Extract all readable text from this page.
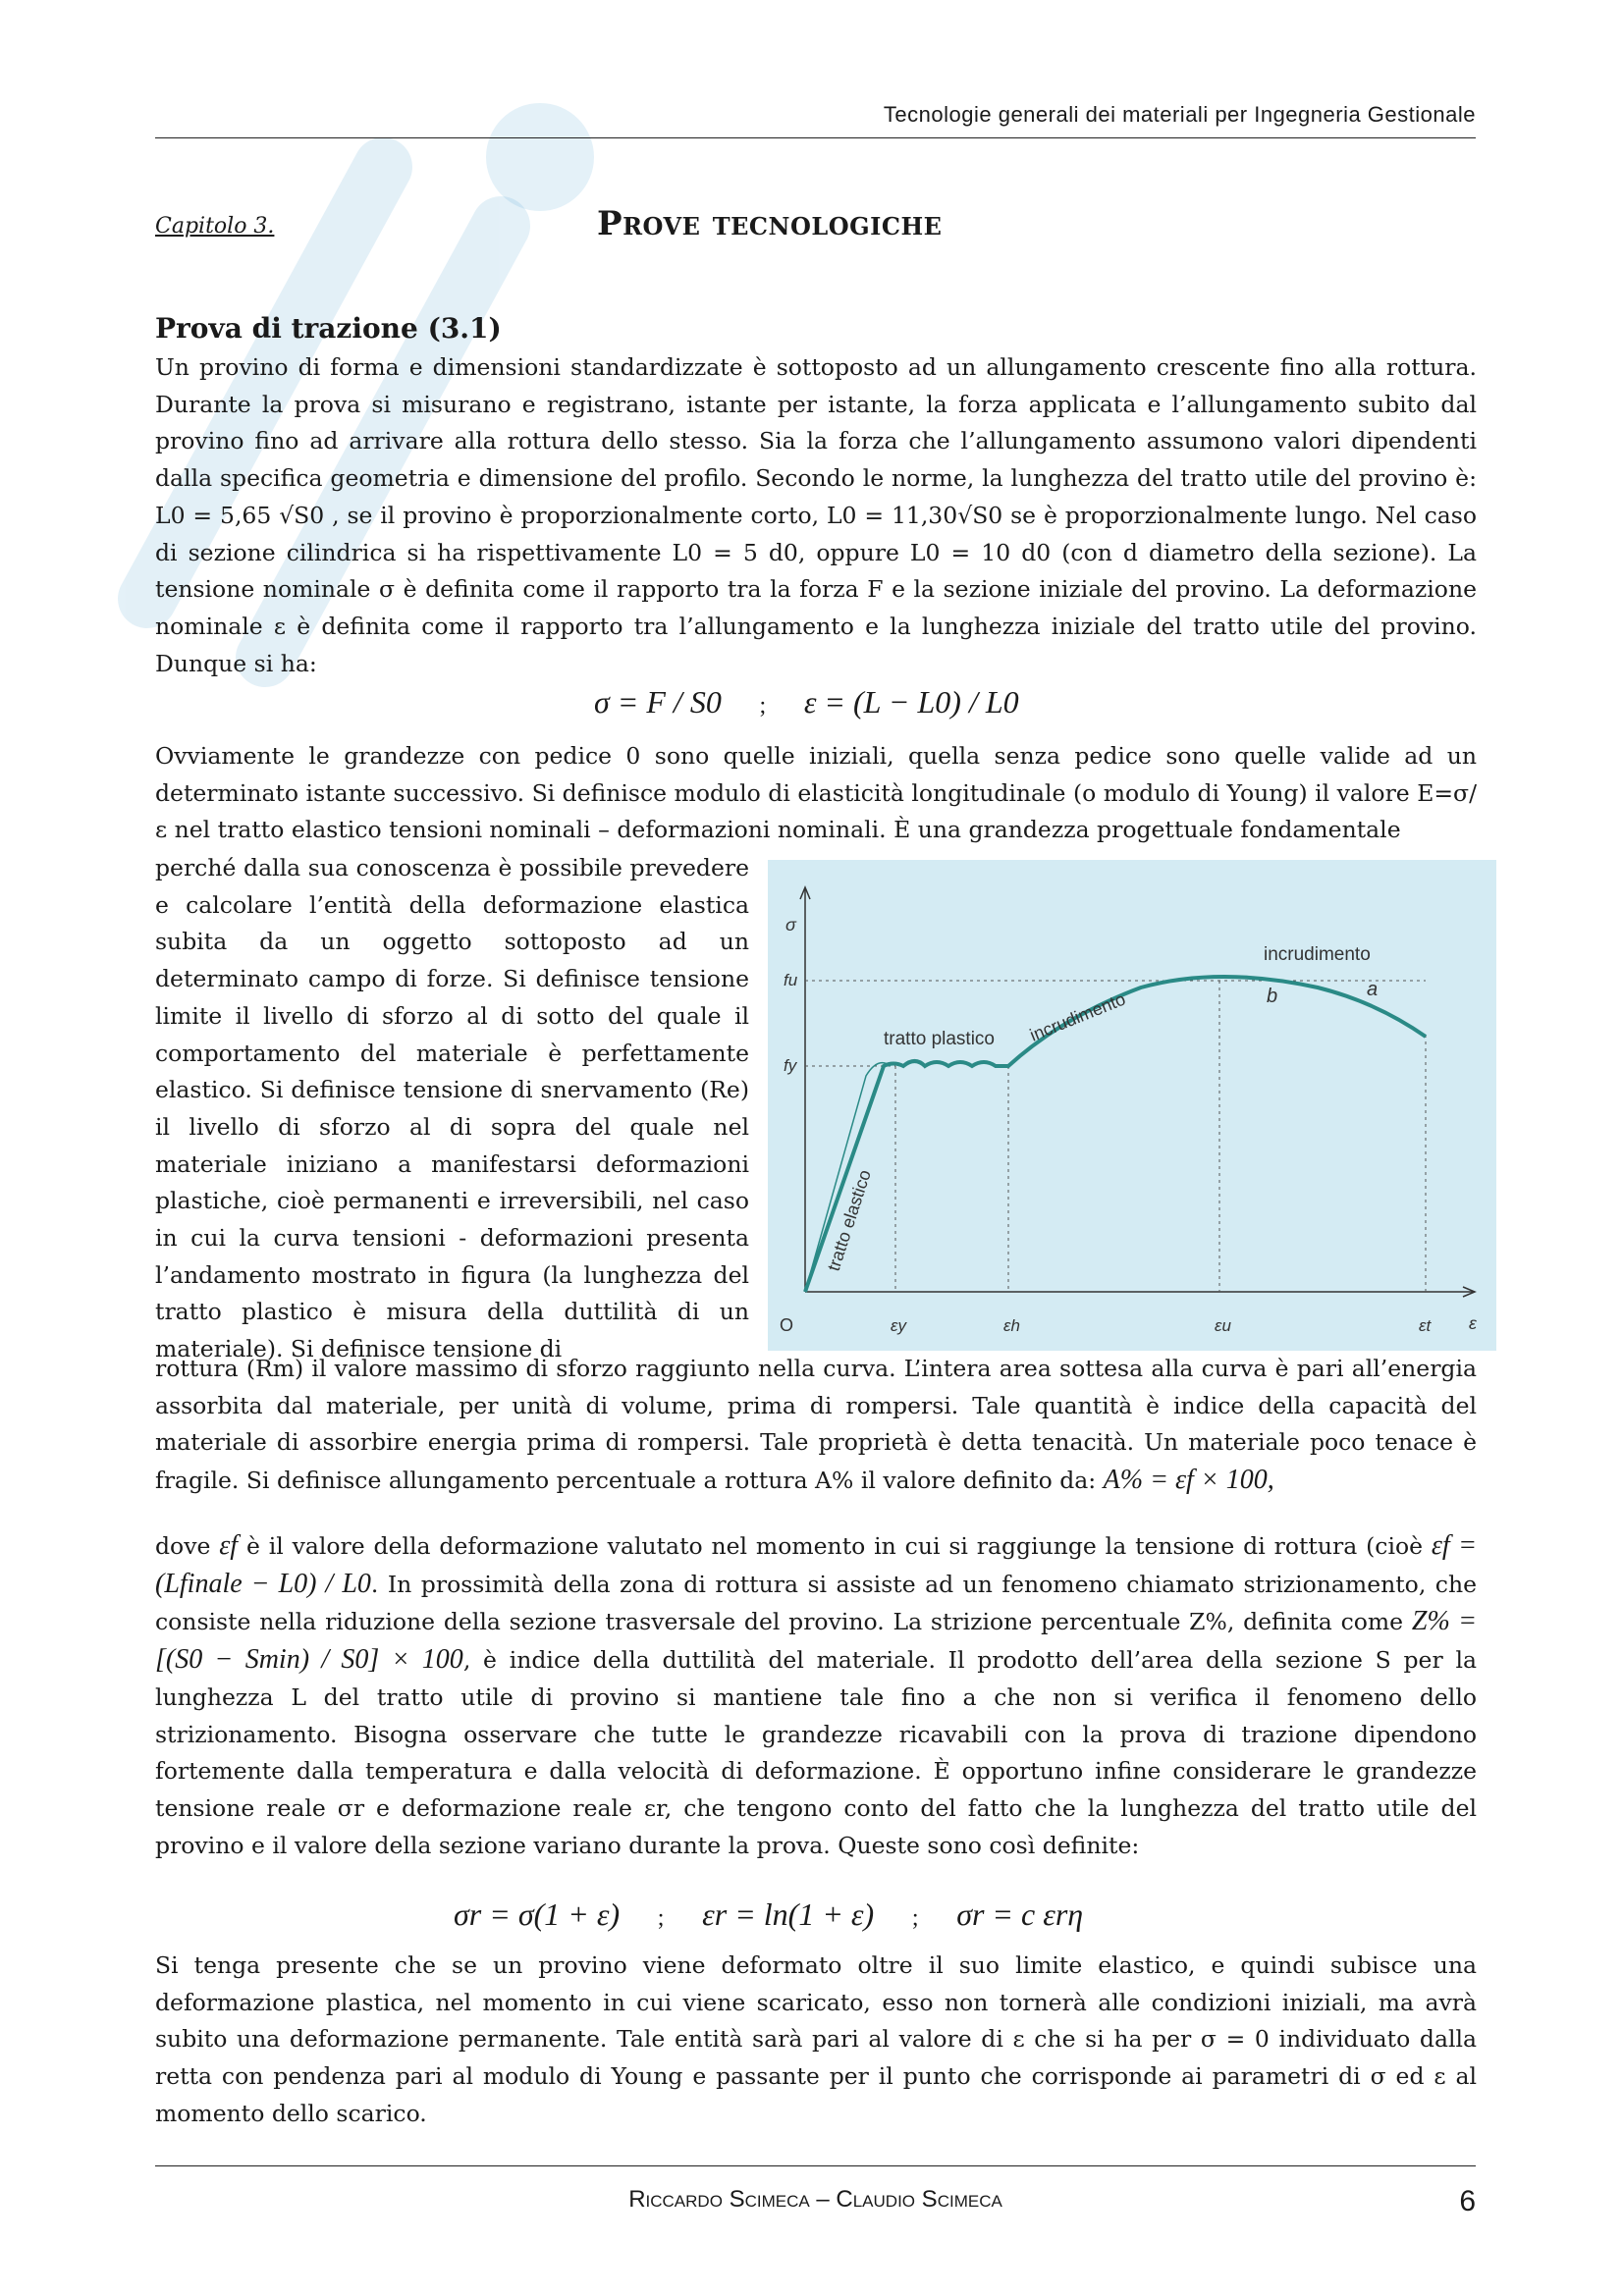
Tecnologie generali dei materiali per Ingegneria Gestionale
Capitolo 3.	Prove tecnologiche
Prova di trazione (3.1)
Un provino di forma e dimensioni standardizzate è sottoposto ad un allungamento crescente fino alla rottura. Durante la prova si misurano e registrano, istante per istante, la forza applicata e l’allungamento subito dal provino fino ad arrivare alla rottura dello stesso. Sia la forza che l’allungamento assumono valori dipendenti dalla specifica geometria e dimensione del profilo. Secondo le norme, la lunghezza del tratto utile del provino è: L0 = 5,65 √S0 , se il provino è proporzionalmente corto, L0 = 11,30√S0 se è proporzionalmente lungo. Nel caso di sezione cilindrica si ha rispettivamente L0 = 5 d0, oppure L0 = 10 d0 (con d diametro della sezione). La tensione nominale σ è definita come il rapporto tra la forza F e la sezione iniziale del provino. La deformazione nominale ε è definita come il rapporto tra l’allungamento e la lunghezza iniziale del tratto utile del provino. Dunque si ha:
σ = F / S0 ; ε = (L − L0) / L0
Ovviamente le grandezze con pedice 0 sono quelle iniziali, quella senza pedice sono quelle valide ad un determinato istante successivo. Si definisce modulo di elasticità longitudinale (o modulo di Young) il valore E=σ/ε nel tratto elastico tensioni nominali – deformazioni nominali. È una grandezza progettuale fondamentale
perché dalla sua conoscenza è possibile prevedere e calcolare l’entità della deformazione elastica subita da un oggetto sottoposto ad un determinato campo di forze. Si definisce tensione limite il livello di sforzo al di sotto del quale il comportamento del materiale è perfettamente elastico. Si definisce tensione di snervamento (Re) il livello di sforzo al di sopra del quale nel materiale iniziano a manifestarsi deformazioni plastiche, cioè permanenti e irreversibili, nel caso in cui la curva tensioni - deformazioni presenta l’andamento mostrato in figura (la lunghezza del tratto plastico è misura della duttilità di un materiale). Si definisce tensione di
σ
ε
O
fu
fy
tratto plastico
incrudimento
incrudimento
tratto elastico
a
b
εy	εh	εu	εt
rottura (Rm) il valore massimo di sforzo raggiunto nella curva. L’intera area sottesa alla curva è pari all’energia assorbita dal materiale, per unità di volume, prima di rompersi. Tale quantità è indice della capacità del materiale di assorbire energia prima di rompersi. Tale proprietà è detta tenacità. Un materiale poco tenace è fragile. Si definisce allungamento percentuale a rottura A% il valore definito da: A% = εf × 100,
dove εf è il valore della deformazione valutato nel momento in cui si raggiunge la tensione di rottura (cioè εf = (Lfinale − L0) / L0. In prossimità della zona di rottura si assiste ad un fenomeno chiamato strizionamento, che consiste nella riduzione della sezione trasversale del provino. La strizione percentuale Z%, definita come Z% = [(S0 − Smin) / S0] × 100, è indice della duttilità del materiale. Il prodotto dell’area della sezione S per la lunghezza L del tratto utile di provino si mantiene tale fino a che non si verifica il fenomeno dello strizionamento. Bisogna osservare che tutte le grandezze ricavabili con la prova di trazione dipendono fortemente dalla temperatura e dalla velocità di deformazione. È opportuno infine considerare le grandezze tensione reale σr e deformazione reale εr, che tengono conto del fatto che la lunghezza del tratto utile del provino e il valore della sezione variano durante la prova. Queste sono così definite:
σr = σ(1 + ε) ; εr = ln(1 + ε) ; σr = c εrη
Si tenga presente che se un provino viene deformato oltre il suo limite elastico, e quindi subisce una deformazione plastica, nel momento in cui viene scaricato, esso non tornerà alle condizioni iniziali, ma avrà subito una deformazione permanente. Tale entità sarà pari al valore di ε che si ha per σ = 0 individuato dalla retta con pendenza pari al modulo di Young e passante per il punto che corrisponde ai parametri di σ ed ε al momento dello scarico.
Riccardo Scimeca – Claudio Scimeca	6
